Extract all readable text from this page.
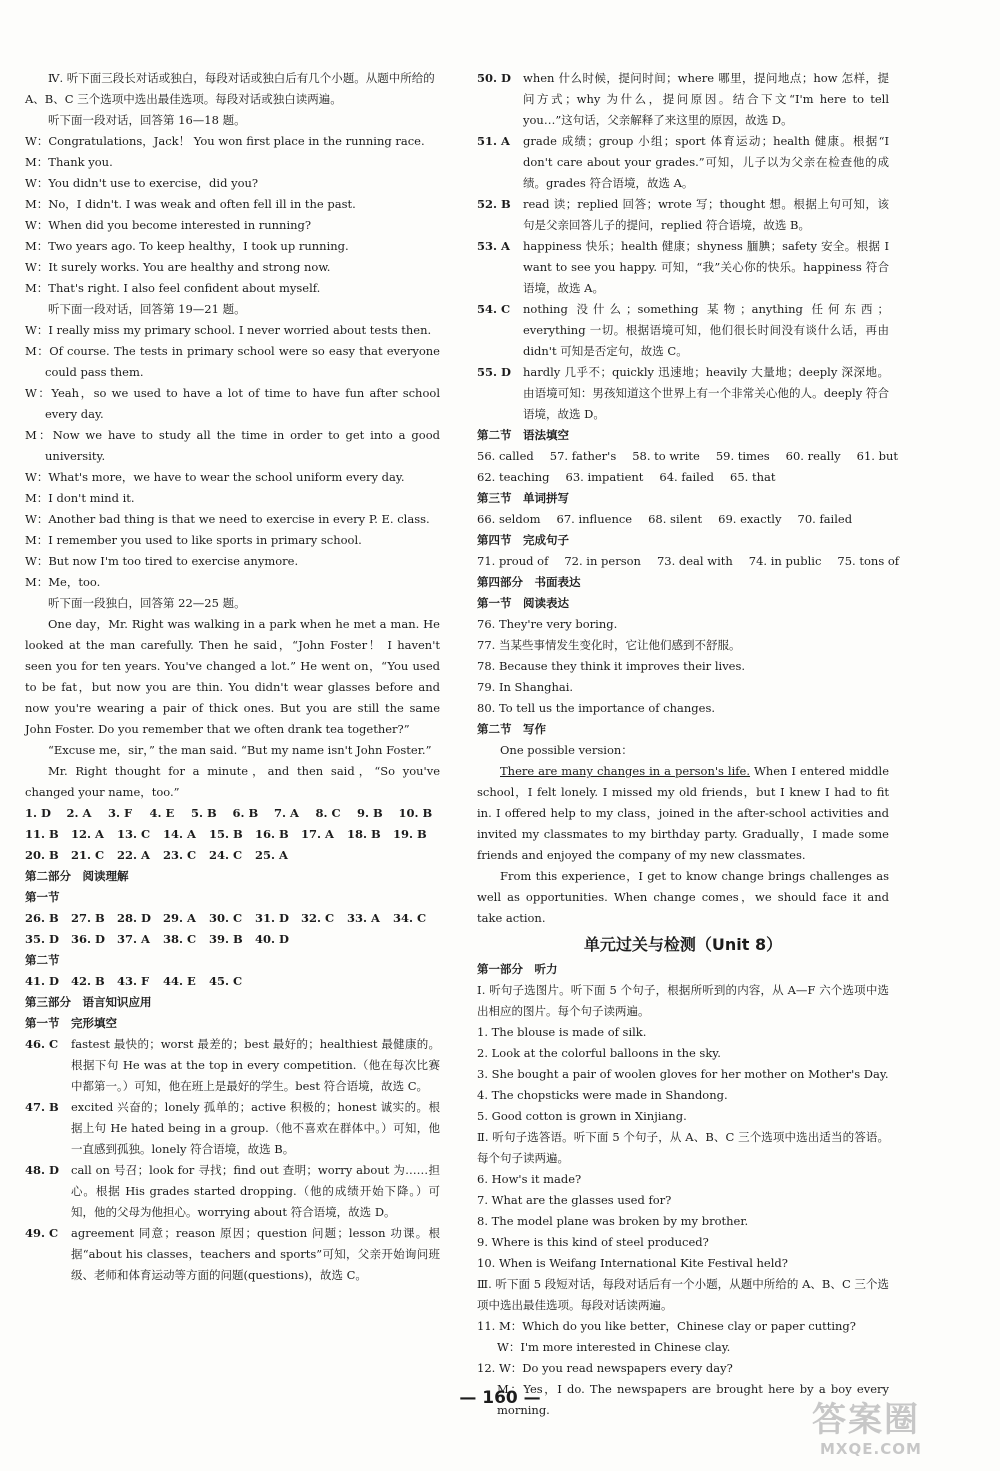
Ⅳ. 听下面三段长对话或独白，每段对话或独白后有几个小题。从题中所给的 A、B、C 三个选项中选出最佳选项。每段对话或独白读两遍。

听下面一段对话，回答第 16—18 题。

W：Congratulations，Jack！ You won first place in the running race.

M：Thank you.

W：You didn't use to exercise，did you?

M：No，I didn't. I was weak and often fell ill in the past.

W：When did you become interested in running?

M：Two years ago. To keep healthy，I took up running.

W：It surely works. You are healthy and strong now.

M：That's right. I also feel confident about myself.

听下面一段对话，回答第 19—21 题。

W：I really miss my primary school. I never worried about tests then.

M：Of course. The tests in primary school were so easy that everyone could pass them.

W：Yeah，so we used to have a lot of time to have fun after school every day.

M：Now we have to study all the time in order to get into a good university.

W：What's more，we have to wear the school uniform every day.

M：I don't mind it.

W：Another bad thing is that we need to exercise in every P. E. class.

M：I remember you used to like sports in primary school.

W：But now I'm too tired to exercise anymore.

M：Me，too.

听下面一段独白，回答第 22—25 题。

One day，Mr. Right was walking in a park when he met a man. He looked at the man carefully. Then he said，“John Foster！ I haven't seen you for ten years. You've changed a lot.” He went on，“You used to be fat，but now you are thin. You didn't wear glasses before and now you're wearing a pair of thick ones. But you are still the same John Foster. Do you remember that we often drank tea together?”

“Excuse me，sir，” the man said. “But my name isn't John Foster.”

Mr. Right thought for a minute，and then said，“So you've changed your name，too.”

1. D	2. A	3. F	4. E	5. B	6. B	7. A	8. C	9. B	10. B
11. B	12. A	13. C	14. A	15. B	16. B	17. A	18. B	19. B
20. B	21. C	22. A	23. C	24. C	25. A

第二部分　阅读理解

第一节

26. B	27. B	28. D	29. A	30. C	31. D	32. C	33. A	34. C
35. D	36. D	37. A	38. C	39. B	40. D

第二节

41. D	42. B	43. F	44. E	45. C

第三部分　语言知识应用

第一节　完形填空

46. C	fastest 最快的；worst 最差的；best 最好的；healthiest 最健康的。根据下句 He was at the top in every competition.（他在每次比赛中都第一。）可知，他在班上是最好的学生。best 符合语境，故选 C。
47. B	excited 兴奋的；lonely 孤单的；active 积极的；honest 诚实的。根据上句 He hated being in a group.（他不喜欢在群体中。）可知，他一直感到孤独。lonely 符合语境，故选 B。
48. D	call on 号召；look for 寻找；find out 查明；worry about 为……担心。根据 His grades started dropping.（他的成绩开始下降。）可知，他的父母为他担心。worrying about 符合语境，故选 D。
49. C	agreement 同意；reason 原因；question 问题；lesson 功课。根据“about his classes，teachers and sports”可知，父亲开始询问班级、老师和体育运动等方面的问题(questions)，故选 C。
50. D	when 什么时候，提问时间；where 哪里，提问地点；how 怎样，提问方式；why 为什么，提问原因。结合下文“I'm here to tell you…”这句话，父亲解释了来这里的原因，故选 D。
51. A	grade 成绩；group 小组；sport 体育运动；health 健康。根据“I don't care about your grades.”可知，儿子以为父亲在检查他的成绩。grades 符合语境，故选 A。
52. B	read 读；replied 回答；wrote 写；thought 想。根据上句可知，该句是父亲回答儿子的提问，replied 符合语境，故选 B。
53. A	happiness 快乐；health 健康；shyness 腼腆；safety 安全。根据 I want to see you happy. 可知，“我”关心你的快乐。happiness 符合语境，故选 A。
54. C	nothing 没什么；something 某物；anything 任何东西；everything 一切。根据语境可知，他们很长时间没有谈什么话，再由 didn't 可知是否定句，故选 C。
55. D	hardly 几乎不；quickly 迅速地；heavily 大量地；deeply 深深地。由语境可知：男孩知道这个世界上有一个非常关心他的人。deeply 符合语境，故选 D。

第二节　语法填空

56. called 57. father's 58. to write 59. times 60. really 61. but
62. teaching 63. impatient 64. failed 65. that

第三节　单词拼写

66. seldom 67. influence 68. silent 69. exactly 70. failed

第四节　完成句子

71. proud of 72. in person 73. deal with 74. in public 75. tons of

第四部分　书面表达

第一节　阅读表达

76. They're very boring.

77. 当某些事情发生变化时，它让他们感到不舒服。

78. Because they think it improves their lives.

79. In Shanghai.

80. To tell us the importance of changes.

第二节　写作

One possible version：

There are many changes in a person's life. When I entered middle school，I felt lonely. I missed my old friends，but I knew I had to fit in. I offered help to my class，joined in the after-school activities and invited my classmates to my birthday party. Gradually，I made some friends and enjoyed the company of my new classmates.

From this experience，I get to know change brings challenges as well as opportunities. When change comes，we should face it and take action.

单元过关与检测（Unit 8）

第一部分　听力

Ⅰ. 听句子选图片。听下面 5 个句子，根据所听到的内容，从 A—F 六个选项中选出相应的图片。每个句子读两遍。

1. The blouse is made of silk.

2. Look at the colorful balloons in the sky.

3. She bought a pair of woolen gloves for her mother on Mother's Day.

4. The chopsticks were made in Shandong.

5. Good cotton is grown in Xinjiang.

Ⅱ. 听句子选答语。听下面 5 个句子，从 A、B、C 三个选项中选出适当的答语。每个句子读两遍。

6. How's it made?

7. What are the glasses used for?

8. The model plane was broken by my brother.

9. Where is this kind of steel produced?

10. When is Weifang International Kite Festival held?

Ⅲ. 听下面 5 段短对话，每段对话后有一个小题，从题中所给的 A、B、C 三个选项中选出最佳选项。每段对话读两遍。

11. M：Which do you like better，Chinese clay or paper cutting?

W：I'm more interested in Chinese clay.

12. W：Do you read newspapers every day?

M：Yes，I do. The newspapers are brought here by a boy every morning.

— 160 —
答案圈
MXQE.COM
